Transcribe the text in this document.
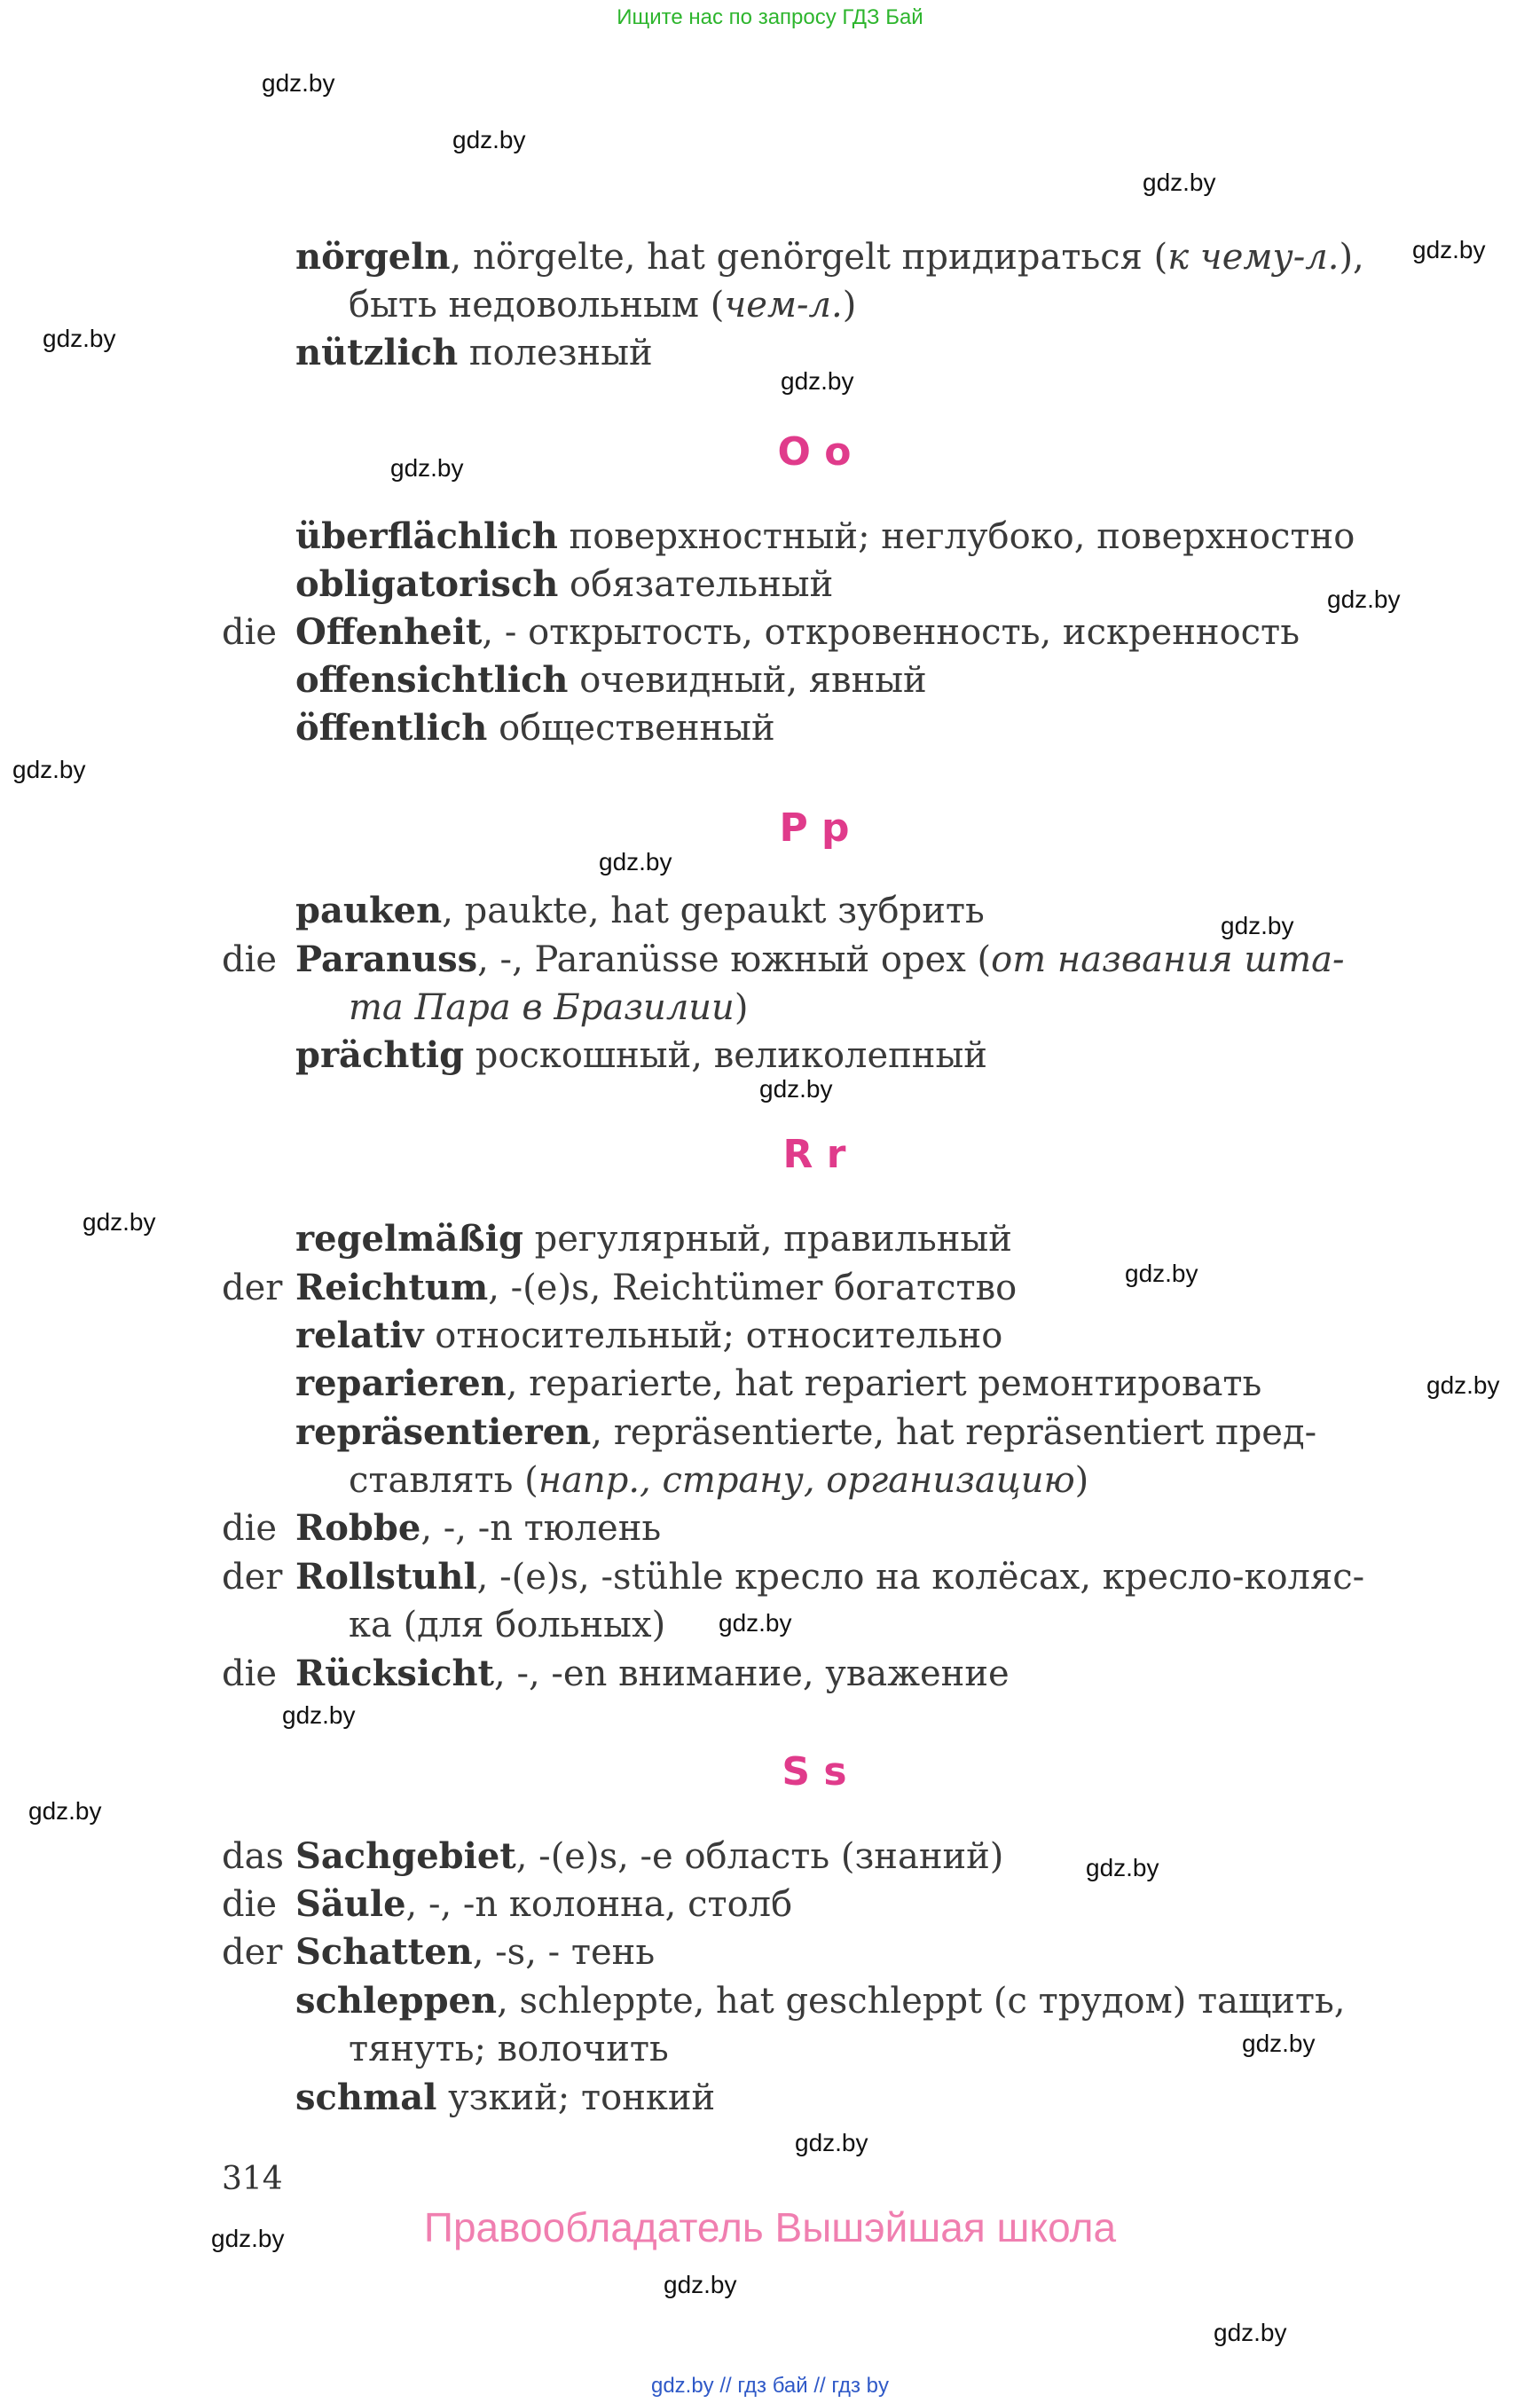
Ищите нас по запросу ГДЗ Бай
gdz.by
gdz.by
gdz.by
gdz.by
gdz.by
gdz.by
gdz.by
gdz.by
gdz.by
gdz.by
gdz.by
gdz.by
gdz.by
gdz.by
gdz.by
gdz.by
gdz.by
gdz.by
gdz.by
gdz.by
gdz.by
gdz.by
gdz.by
gdz.by
nörgeln, nörgelte, hat genörgelt придираться (к чему-л.),
быть недовольным (чем-л.)
nützlich полезный
O o
überflächlich поверхностный; неглубоко, поверхностно
obligatorisch обязательный
die Offenheit, - открытость, откровенность, искренность
offensichtlich очевидный, явный
öffentlich общественный
P p
pauken, paukte, hat gepaukt зубрить
die Paranuss, -, Paranüsse южный орех (от названия шта-
та Пара в Бразилии)
prächtig роскошный, великолепный
R r
regelmäßig регулярный, правильный
der Reichtum, -(e)s, Reichtümer богатство
relativ относительный; относительно
reparieren, reparierte, hat repariert ремонтировать
repräsentieren, repräsentierte, hat repräsentiert пред-
ставлять (напр., страну, организацию)
die Robbe, -, -n тюлень
der Rollstuhl, -(e)s, -stühle кресло на колёсах, кресло-коляс-
ка (для больных)
die Rücksicht, -, -en внимание, уважение
S s
das Sachgebiet, -(e)s, -e область (знаний)
die Säule, -, -n колонна, столб
der Schatten, -s, - тень
schleppen, schleppte, hat geschleppt (с трудом) тащить,
тянуть; волочить
schmal узкий; тонкий
314
Правообладатель Вышэйшая школа
gdz.by // гдз бай // гдз by
